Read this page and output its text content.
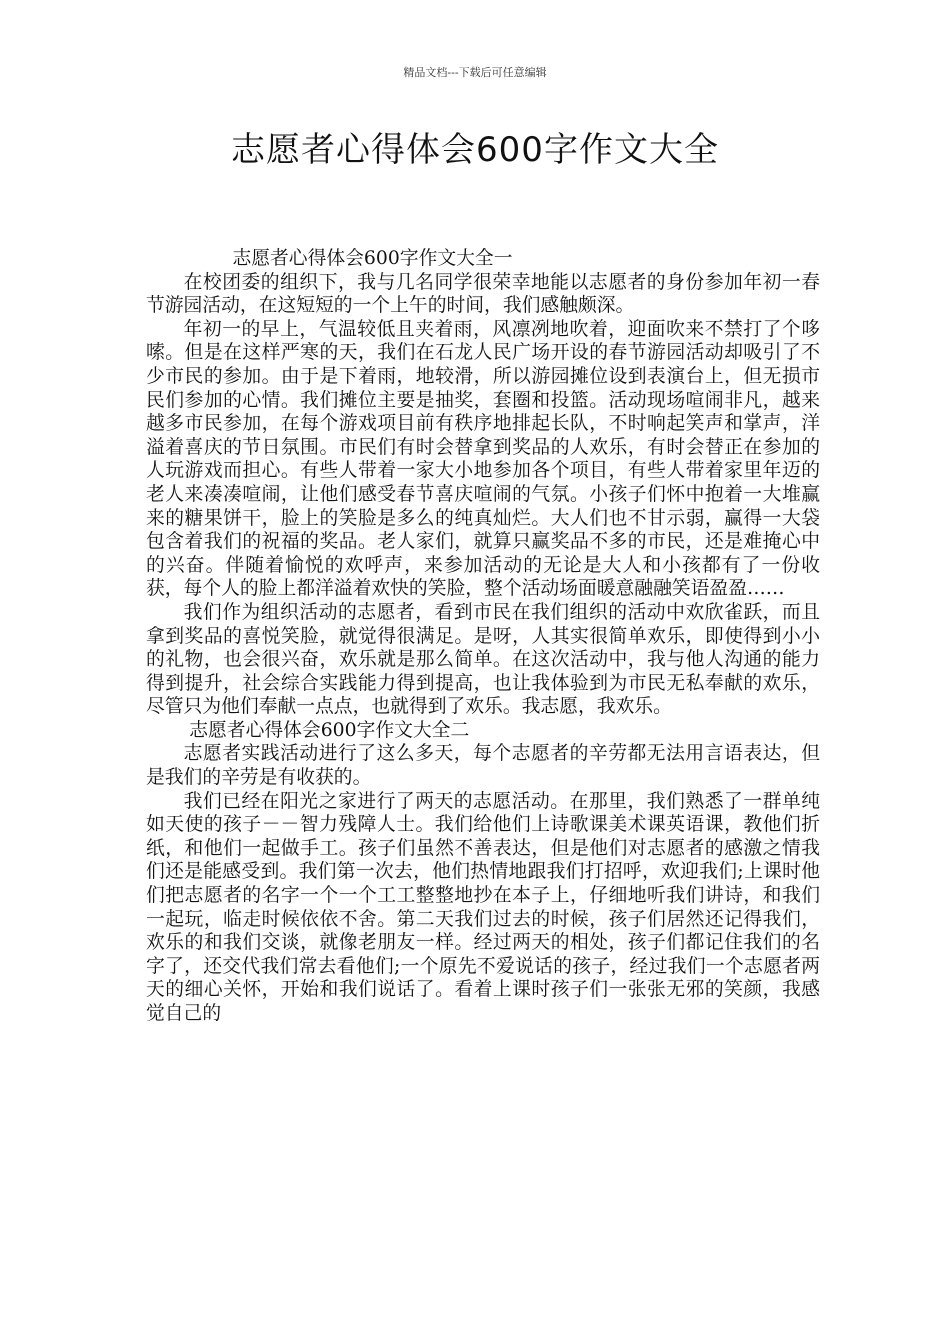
精品文档---下载后可任意编辑
志愿者心得体会600字作文大全

志愿者心得体会600字作文大全一

在校团委的组织下，我与几名同学很荣幸地能以志愿者的身份参加年初一春节游园活动，在这短短的一个上午的时间，我们感触颇深。

年初一的早上，气温较低且夹着雨，风凛冽地吹着，迎面吹来不禁打了个哆嗦。但是在这样严寒的天，我们在石龙人民广场开设的春节游园活动却吸引了不少市民的参加。由于是下着雨，地较滑，所以游园摊位设到表演台上，但无损市民们参加的心情。我们摊位主要是抽奖，套圈和投篮。活动现场喧闹非凡，越来越多市民参加，在每个游戏项目前有秩序地排起长队，不时响起笑声和掌声，洋溢着喜庆的节日氛围。市民们有时会替拿到奖品的人欢乐，有时会替正在参加的人玩游戏而担心。有些人带着一家大小地参加各个项目，有些人带着家里年迈的老人来凑凑喧闹，让他们感受春节喜庆喧闹的气氛。小孩子们怀中抱着一大堆赢来的糖果饼干，脸上的笑脸是多么的纯真灿烂。大人们也不甘示弱，赢得一大袋包含着我们的祝福的奖品。老人家们，就算只赢奖品不多的市民，还是难掩心中的兴奋。伴随着愉悦的欢呼声，来参加活动的无论是大人和小孩都有了一份收获，每个人的脸上都洋溢着欢快的笑脸，整个活动场面暖意融融笑语盈盈……

我们作为组织活动的志愿者，看到市民在我们组织的活动中欢欣雀跃，而且拿到奖品的喜悦笑脸，就觉得很满足。是呀，人其实很简单欢乐，即使得到小小的礼物，也会很兴奋，欢乐就是那么简单。在这次活动中，我与他人沟通的能力得到提升，社会综合实践能力得到提高，也让我体验到为市民无私奉献的欢乐，尽管只为他们奉献一点点，也就得到了欢乐。我志愿，我欢乐。

志愿者心得体会600字作文大全二

志愿者实践活动进行了这么多天，每个志愿者的辛劳都无法用言语表达，但是我们的辛劳是有收获的。

我们已经在阳光之家进行了两天的志愿活动。在那里，我们熟悉了一群单纯如天使的孩子－－智力残障人士。我们给他们上诗歌课美术课英语课，教他们折纸，和他们一起做手工。孩子们虽然不善表达，但是他们对志愿者的感激之情我们还是能感受到。我们第一次去，他们热情地跟我们打招呼，欢迎我们;上课时他们把志愿者的名字一个一个工工整整地抄在本子上，仔细地听我们讲诗，和我们一起玩，临走时候依依不舍。第二天我们过去的时候，孩子们居然还记得我们，欢乐的和我们交谈，就像老朋友一样。经过两天的相处，孩子们都记住我们的名字了，还交代我们常去看他们;一个原先不爱说话的孩子，经过我们一个志愿者两天的细心关怀，开始和我们说话了。看着上课时孩子们一张张无邪的笑颜，我感觉自己的
